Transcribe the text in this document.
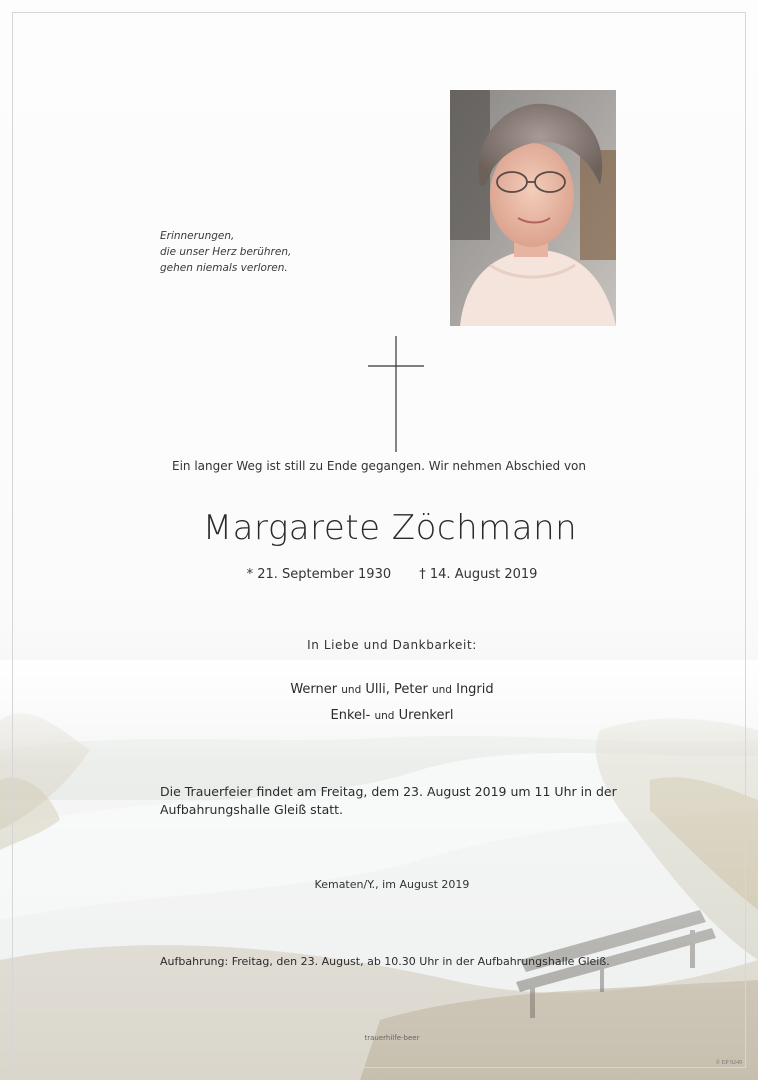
Erinnerungen,
die unser Herz berühren,
gehen niemals verloren.
Ein langer Weg ist still zu Ende gegangen. Wir nehmen Abschied von
Margarete Zöchmann
* 21. September 1930 † 14. August 2019
In Liebe und Dankbarkeit:
Werner und Ulli, Peter und Ingrid
Enkel- und Urenkerl
Die Trauerfeier findet am Freitag, dem 23. August 2019 um 11 Uhr in der Aufbahrungshalle Gleiß statt.
Kematen/Y., im August 2019
Aufbahrung: Freitag, den 23. August, ab 10.30 Uhr in der Aufbahrungshalle Gleiß.
trauerhilfe-beer
© EP 9249
